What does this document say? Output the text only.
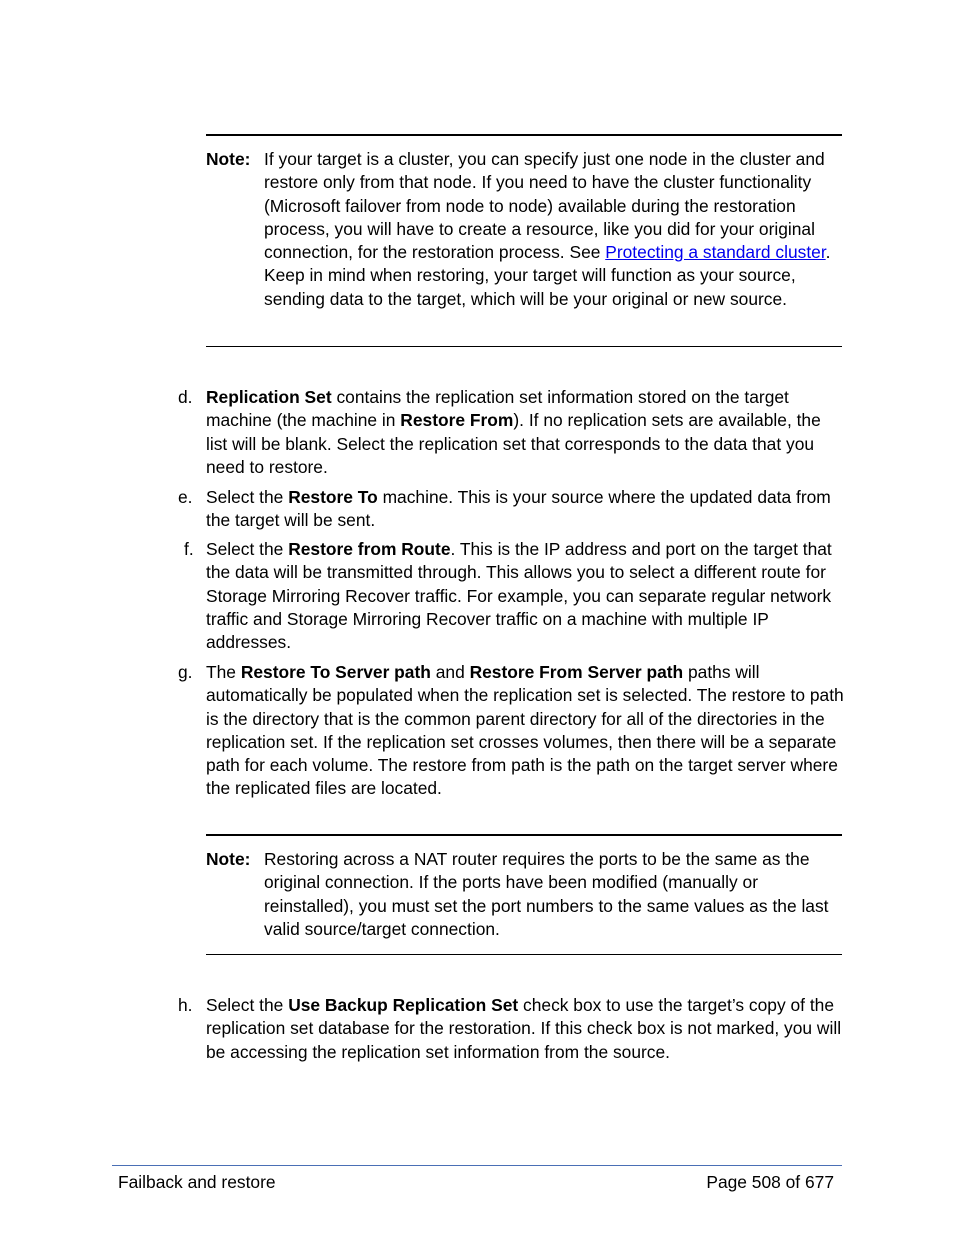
Note: If your target is a cluster, you can specify just one node in the cluster and restore only from that node. If you need to have the cluster functionality (Microsoft failover from node to node) available during the restoration process, you will have to create a resource, like you did for your original connection, for the restoration process. See Protecting a standard cluster. Keep in mind when restoring, your target will function as your source, sending data to the target, which will be your original or new source.
d. Replication Set contains the replication set information stored on the target machine (the machine in Restore From). If no replication sets are available, the list will be blank. Select the replication set that corresponds to the data that you need to restore.
e. Select the Restore To machine. This is your source where the updated data from the target will be sent.
f. Select the Restore from Route. This is the IP address and port on the target that the data will be transmitted through. This allows you to select a different route for Storage Mirroring Recover traffic. For example, you can separate regular network traffic and Storage Mirroring Recover traffic on a machine with multiple IP addresses.
g. The Restore To Server path and Restore From Server path paths will automatically be populated when the replication set is selected. The restore to path is the directory that is the common parent directory for all of the directories in the replication set. If the replication set crosses volumes, then there will be a separate path for each volume. The restore from path is the path on the target server where the replicated files are located.
Note: Restoring across a NAT router requires the ports to be the same as the original connection. If the ports have been modified (manually or reinstalled), you must set the port numbers to the same values as the last valid source/target connection.
h. Select the Use Backup Replication Set check box to use the target’s copy of the replication set database for the restoration. If this check box is not marked, you will be accessing the replication set information from the source.
Failback and restore	Page 508 of 677
